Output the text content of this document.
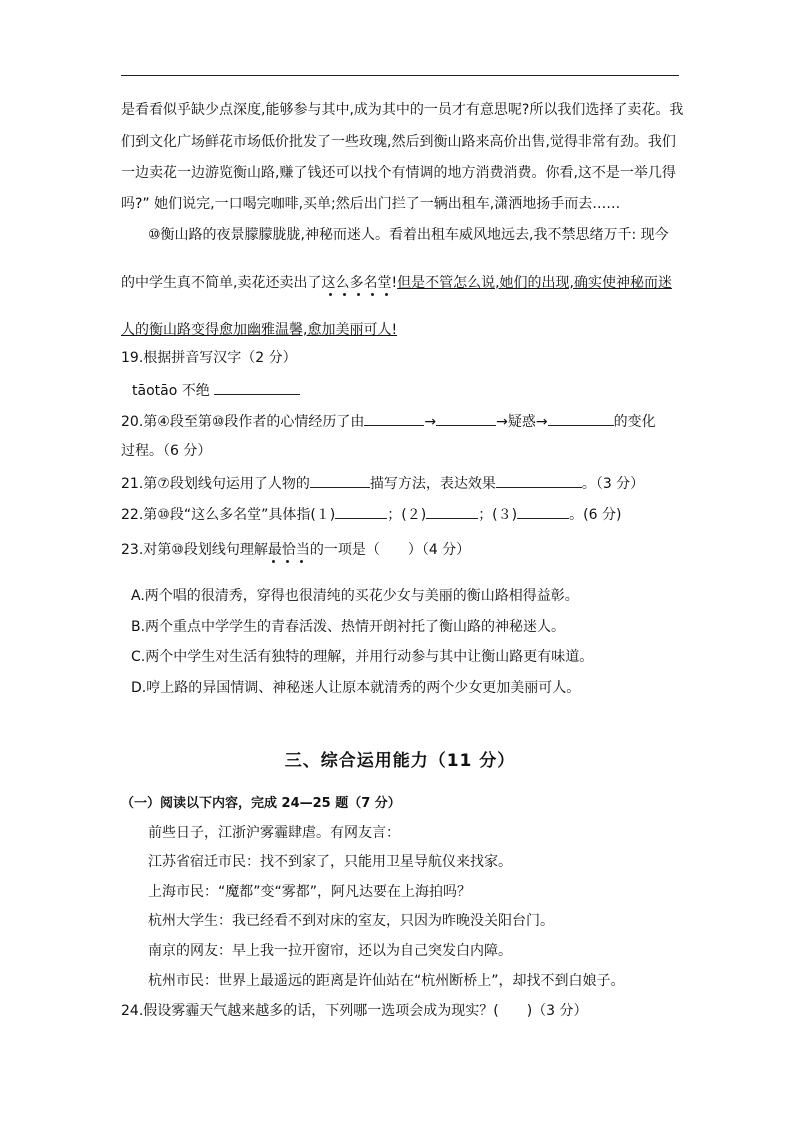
是看看似乎缺少点深度,能够参与其中,成为其中的一员才有意思呢?所以我们选择了卖花。我
们到文化广场鲜花市场低价批发了一些玫瑰,然后到衡山路来高价出售,觉得非常有劲。我们
一边卖花一边游览衡山路,赚了钱还可以找个有情调的地方消费消费。你看,这不是一举几得
吗?” 她们说完,一口喝完咖啡,买单;然后出门拦了一辆出租车,潇洒地扬手而去……
⑩衡山路的夜景朦朦胧胧,神秘而迷人。看着出租车威风地远去,我不禁思绪万千: 现今
的中学生真不简单,卖花还卖出了这么多名堂!但是不管怎么说,她们的出现,确实使神秘而迷
人的衡山路变得愈加幽雅温馨,愈加美丽可人!
19.根据拼音写汉字（2 分）
tāotāo 不绝
20.第④段至第⑩段作者的心情经历了由	→	→疑惑→	的变化
过程。（6 分）
21.第⑦段划线句运用了人物的	描写方法，表达效果	。（3 分）
22.第⑩段“这么多名堂”具体指(１)	；(２)	；(３)	。(6 分)
23.对第⑩段划线句理解最恰当的一项是（　　）（4 分）
A.两个唱的很清秀，穿得也很清纯的买花少女与美丽的衡山路相得益彰。
B.两个重点中学学生的青春活泼、热情开朗衬托了衡山路的神秘迷人。
C.两个中学生对生活有独特的理解，并用行动参与其中让衡山路更有味道。
D.哼上路的异国情调、神秘迷人让原本就清秀的两个少女更加美丽可人。
三、综合运用能力（11 分）
（一）阅读以下内容，完成 24—25 题（7 分）
前些日子，江浙沪雾霾肆虐。有网友言：
江苏省宿迁市民：找不到家了，只能用卫星导航仪来找家。
上海市民：“魔都”变“雾都”，阿凡达要在上海拍吗？
杭州大学生：我已经看不到对床的室友，只因为昨晚没关阳台门。
南京的网友：早上我一拉开窗帘，还以为自己突发白内障。
杭州市民：世界上最遥远的距离是许仙站在“杭州断桥上”，却找不到白娘子。
24.假设雾霾天气越来越多的话，下列哪一选项会成为现实？(　　)（3 分）
